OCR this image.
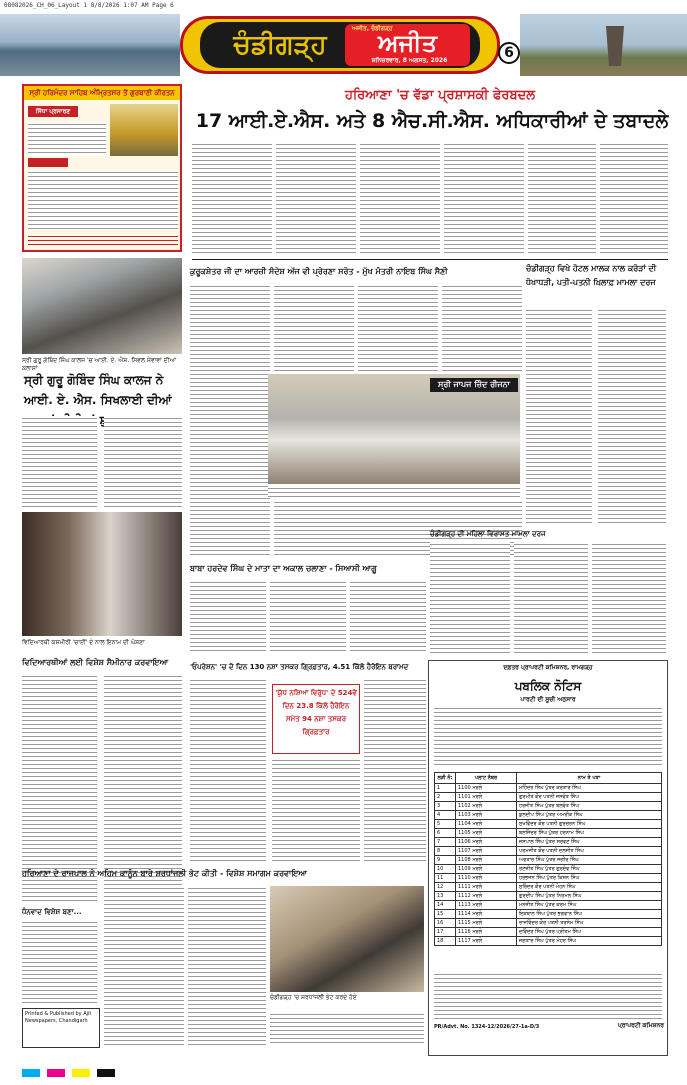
08082026_CH_06_Layout 1 8/8/2026 1:07 AM Page 6
ਚੰਡੀਗੜ੍ਹ
ਅਜੀਤ, ਚੰਡੀਗੜ੍ਹ
ਅਜੀਤ
ਸ਼ਨਿਚਰਵਾਰ, 8 ਅਗਸਤ, 2026	6
ਸ੍ਰੀ ਹਰਿਮੰਦਰ ਸਾਹਿਬ ਅੰਮ੍ਰਿਤਸਰ ਤੋਂ ਗੁਰਬਾਣੀ ਕੀਰਤਨ
ਸਿੱਧਾ ਪ੍ਰਸਾਰਣ
ਸ੍ਰੀ ਗੁਰੂ ਗੋਬਿੰਦ ਸਿੰਘ ਕਾਲਜ 'ਚ ਆਈ. ਏ. ਐਸ. ਸਿਵਲ ਸੇਵਾਵਾਂ ਦੀਆਂ ਕਲਾਸਾਂ
ਸ੍ਰੀ ਗੁਰੂ ਗੋਬਿੰਦ ਸਿੰਘ ਕਾਲਜ ਨੇ ਆਈ. ਏ. ਐਸ. ਸਿਖਲਾਈ ਦੀਆਂ
ਵਿਦਿਆਰਥੀ ਕਸ਼ਮੀਰੀ 'ਚਾਈਂ' ਦੇ ਨਾਲ ਇਨਾਮ ਦੀ ਘੋਸ਼ਣਾ
ਵਿਦਿਆਰਥੀਆਂ ਲਈ ਵਿਸ਼ੇਸ਼ ਸੈਮੀਨਾਰ ਕਰਵਾਇਆ
ਧੰਨਵਾਦ ਵਿਸ਼ੇਸ਼ ਬਣਾ...
ਹਰਿਆਣਾ 'ਚ ਵੱਡਾ ਪ੍ਰਸ਼ਾਸਕੀ ਫੇਰਬਦਲ
17 ਆਈ.ਏ.ਐਸ. ਅਤੇ 8 ਐਚ.ਸੀ.ਐਸ. ਅਧਿਕਾਰੀਆਂ ਦੇ ਤਬਾਦਲੇ
ਕੁਰੂਕਸ਼ੇਤਰ ਜੀ ਦਾ ਆਰਜ਼ੀ ਸੰਦੇਸ਼ ਅੱਜ ਵੀ ਪ੍ਰੇਰਣਾ ਸਰੋਤ - ਮੁੱਖ ਮੰਤਰੀ ਨਾਇਬ ਸਿੰਘ ਸੈਣੀ
ਸ੍ਰੀ ਜਾਪਜ ਜ਼ਿੰਦ ਰੀਜਨਾ
ਚੰਡੀਗੜ੍ਹ ਵਿਖੇ ਹੋਟਲ ਮਾਲਕ ਨਾਲ ਕਰੋੜਾਂ ਦੀ ਧੋਖਾਧੜੀ, ਪਤੀ-ਪਤਨੀ ਖ਼ਿਲਾਫ਼ ਮਾਮਲਾ ਦਰਜ
ਚੰਡੀਗੜ੍ਹ ਦੀ ਮਹਿਲਾ ਵਿਰਾਸਤ ਮਾਮਲਾ ਦਰਜ
ਬਾਬਾ ਹਰਦੇਵ ਸਿੰਘ ਦੇ ਮਾਤਾ ਦਾ ਅਕਾਲ ਚਲਾਣਾ - ਸਿਆਸੀ ਆਗੂ
'ਓਪਰੇਸ਼ਨ' 'ਚ ਦੋ ਦਿਨ 130 ਨਸ਼ਾ ਤਸਕਰ ਗ੍ਰਿਫ਼ਤਾਰ, 4.51 ਕਿੱਲੋ ਹੈਰੋਇਨ ਬਰਾਮਦ
'ਯੁੱਧ ਨਸ਼ਿਆਂ ਵਿਰੁੱਧ' ਦੇ 524ਵੇਂ ਦਿਨ 23.8 ਕਿੱਲੋ ਹੈਰੋਇਨ ਸਮੇਤ 94 ਨਸ਼ਾ ਤਸਕਰ ਗ੍ਰਿਫ਼ਤਾਰ
ਹਰਿਆਣਾ ਦੇ ਰਾਜਪਾਲ ਨੇ ਅਹਿਮ ਕਾਨੂੰਨ ਬਾਰੇ ਸ਼ਰਧਾਂਜਲੀ ਭੇਟ ਕੀਤੀ - ਵਿਸ਼ੇਸ਼ ਸਮਾਗਮ ਕਰਵਾਇਆ
ਚੰਡੀਗੜ੍ਹ 'ਚ ਸ਼ਰਧਾਂਜਲੀ ਭੇਟ ਕਰਦੇ ਹੋਏ
ਦਫ਼ਤਰ ਪ੍ਰਾਪਰਟੀ ਕਮਿਸ਼ਨਰ, ਰਾਮਗੜ੍ਹ
ਪਬਲਿਕ ਨੋਟਿਸ
ਪਾਰਟੀ ਦੀ ਸੂਚੀ ਅਨੁਸਾਰ
ਲੜੀ ਨੰ:	ਪਲਾਟ ਨੰਬਰ	ਨਾਮ ਤੇ ਪਤਾ
1	1100 ਮਰਲੇ	ਮਹਿੰਦਰ ਸਿੰਘ ਪੁੱਤਰ ਕਰਤਾਰ ਸਿੰਘ
2	1101 ਮਰਲੇ	ਗੁਰਮੀਤ ਕੌਰ ਪਤਨੀ ਜਸਵੰਤ ਸਿੰਘ
3	1102 ਮਰਲੇ	ਹਰਜੀਤ ਸਿੰਘ ਪੁੱਤਰ ਬਲਵੰਤ ਸਿੰਘ
4	1103 ਮਰਲੇ	ਕੁਲਦੀਪ ਸਿੰਘ ਪੁੱਤਰ ਅਮਰੀਕ ਸਿੰਘ
5	1104 ਮਰਲੇ	ਸੁਖਵਿੰਦਰ ਕੌਰ ਪਤਨੀ ਗੁਰਚਰਨ ਸਿੰਘ
6	1105 ਮਰਲੇ	ਬਲਜਿੰਦਰ ਸਿੰਘ ਪੁੱਤਰ ਹਰਨਾਮ ਸਿੰਘ
7	1106 ਮਰਲੇ	ਜਸਪਾਲ ਸਿੰਘ ਪੁੱਤਰ ਸਰਵਣ ਸਿੰਘ
8	1107 ਮਰਲੇ	ਪਰਮਜੀਤ ਕੌਰ ਪਤਨੀ ਦਲਜੀਤ ਸਿੰਘ
9	1108 ਮਰਲੇ	ਅਵਤਾਰ ਸਿੰਘ ਪੁੱਤਰ ਜਗੀਰ ਸਿੰਘ
10	1109 ਮਰਲੇ	ਰਣਜੀਤ ਸਿੰਘ ਪੁੱਤਰ ਗੁਰਦੇਵ ਸਿੰਘ
11	1110 ਮਰਲੇ	ਹਰਭਜਨ ਸਿੰਘ ਪੁੱਤਰ ਕਿਸ਼ਨ ਸਿੰਘ
12	1111 ਮਰਲੇ	ਸੁਰਿੰਦਰ ਕੌਰ ਪਤਨੀ ਮੋਹਨ ਸਿੰਘ
13	1112 ਮਰਲੇ	ਗੁਰਦੀਪ ਸਿੰਘ ਪੁੱਤਰ ਨਿਰਮਲ ਸਿੰਘ
14	1113 ਮਰਲੇ	ਮਨਜੀਤ ਸਿੰਘ ਪੁੱਤਰ ਕਰਮ ਸਿੰਘ
15	1114 ਮਰਲੇ	ਇਕਬਾਲ ਸਿੰਘ ਪੁੱਤਰ ਭਗਵਾਨ ਸਿੰਘ
16	1115 ਮਰਲੇ	ਰਾਜਵਿੰਦਰ ਕੌਰ ਪਤਨੀ ਤਰਸੇਮ ਸਿੰਘ
17	1116 ਮਰਲੇ	ਦਵਿੰਦਰ ਸਿੰਘ ਪੁੱਤਰ ਪ੍ਰੀਤਮ ਸਿੰਘ
18	1117 ਮਰਲੇ	ਜਗਤਾਰ ਸਿੰਘ ਪੁੱਤਰ ਮੇਹਰ ਸਿੰਘ
PR/Advt. No. 1324-12/2026/27-1a-D/3	ਪ੍ਰਾਪਰਟੀ ਕਮਿਸ਼ਨਰ
Printed & Published by Ajit Newspapers, Chandigarh
